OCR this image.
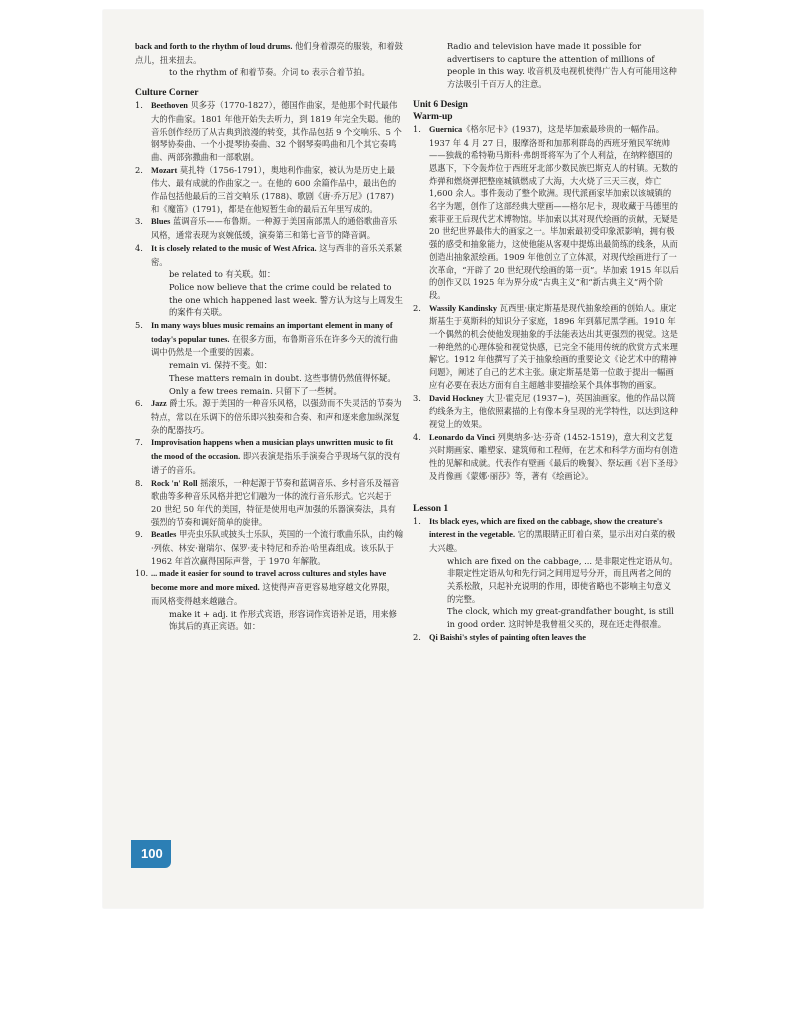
back and forth to the rhythm of loud drums. 他们身着漂亮的服装，和着鼓点儿，扭来扭去。

to the rhythm of 和着节奏。介词 to 表示合着节拍。

Culture Corner

1. Beethoven 贝多芬（1770-1827），德国作曲家，是他那个时代最伟大的作曲家。1801 年他开始失去听力，到 1819 年完全失聪。他的音乐创作经历了从古典到浪漫的转变，其作品包括 9 个交响乐、5 个钢琴协奏曲、一个小提琴协奏曲、32 个钢琴奏鸣曲和几个其它奏鸣曲、两部弥撒曲和一部歌剧。
2. Mozart 莫扎特（1756-1791），奥地利作曲家，被认为是历史上最伟大、最有成就的作曲家之一。在他的 600 余篇作品中，最出色的作品包括他最后的三首交响乐 (1788)、歌剧《唐·乔万尼》(1787) 和《魔笛》(1791)，都是在他短暂生命的最后五年里写成的。
3. Blues 蓝调音乐——布鲁斯。一种源于美国南部黑人的通俗歌曲音乐风格，通常表现为哀婉低缓，演奏第三和第七音节的降音调。
4. It is closely related to the music of West Africa. 这与西非的音乐关系紧密。

be related to 有关联。如：

Police now believe that the crime could be related to the one which happened last week. 警方认为这与上周发生的案件有关联。

5. In many ways blues music remains an important element in many of today's popular tunes. 在很多方面，布鲁斯音乐在许多今天的流行曲调中仍然是一个重要的因素。

remain vi. 保持不变。如：

These matters remain in doubt. 这些事情仍然值得怀疑。

Only a few trees remain. 只留下了一些树。

6. Jazz 爵士乐。源于美国的一种音乐风格，以强劲而不失灵活的节奏为特点，常以在乐调下的倍乐即兴独奏和合奏、和声和逐来愈加纵深复杂的配器技巧。
7. Improvisation happens when a musician plays unwritten music to fit the mood of the occasion. 即兴表演是指乐手演奏合乎现场气氛的没有谱子的音乐。
8. Rock 'n' Roll 摇滚乐，一种起源于节奏和蓝调音乐、乡村音乐及福音歌曲等多种音乐风格并把它们融为一体的流行音乐形式。它兴起于 20 世纪 50 年代的美国，特征是使用电声加强的乐器演奏法，具有强烈的节奏和调好简单的旋律。
9. Beatles 甲壳虫乐队或披头士乐队，英国的一个流行歌曲乐队，由约翰·列侬、林安·谢瑞尔、保罗·麦卡特尼和乔治·哈里森组成。该乐队于 1962 年首次赢得国际声誉，于 1970 年解散。
10. ... made it easier for sound to travel across cultures and styles have become more and more mixed. 这使得声音更容易地穿越文化界限，而风格变得越来越融合。

make it + adj. it 作形式宾语，形容词作宾语补足语，用来修饰其后的真正宾语。如：

Radio and television have made it possible for advertisers to capture the attention of millions of people in this way. 收音机及电视机使得广告人有可能用这种方法吸引千百万人的注意。

Unit 6 Design

Warm-up

1. Guernica《格尔尼卡》(1937)，这是毕加索最珍贵的一幅作品。1937 年 4 月 27 日，服摩洛哥和加那利群岛的西班牙殖民军统帅——独裁的希特勒马斯科·弗朗哥将军为了个人利益，在纳粹德国的恩惠下，下令轰炸位于西班牙北部少数民族巴斯克人的村镇。无数的炸弹和燃烧弹把整座城镇燃成了大海，大火烧了三天三夜，炸亡 1,600 余人。事件轰动了整个欧洲。现代派画家毕加索以该城镇的名字为题，创作了这部经典大壁画——格尔尼卡，现收藏于马德里的索菲亚王后现代艺术博物馆。毕加索以其对现代绘画的贡献，无疑是 20 世纪世界最伟大的画家之一。毕加索最初受印象派影响，拥有极强的感受和抽象能力，这使他能从客观中提炼出最简练的线条，从而创造出抽象派绘画。1909 年他创立了立体派，对现代绘画进行了一次革命，“开辟了 20 世纪现代绘画的第一页”。毕加索 1915 年以后的创作又以 1925 年为界分成“古典主义”和“新古典主义”两个阶段。
2. Wassily Kandinsky 瓦西里·康定斯基是现代抽象绘画的创始人。康定斯基生于莫斯科的知识分子家庭，1896 年到慕尼黑学画。1910 年一个偶然的机会使他发现抽象的手法能表达出其更强烈的视觉。这是一种绝然的心理体验和视觉快感，已完全不能用传统的欣赏方式来理解它。1912 年他撰写了关于抽象绘画的重要论文《论艺术中的精神问题》，阐述了自己的艺术主张。康定斯基是第一位敢于提出一幅画应有必要在表达方面有自主超越非要描绘某个具体事物的画家。
3. David Hockney 大卫·霍克尼 (1937~)，英国油画家。他的作品以简约线条为主，他依照素描的上有像本身呈现的光学特性，以达到这种视觉上的效果。
4. Leonardo da Vinci 列奥纳多·达·芬奇 (1452-1519)，意大利文艺复兴时期画家、雕塑家、建筑师和工程师，在艺术和科学方面均有创造性的见解和成就。代表作有壁画《最后的晚餐》、祭坛画《岩下圣母》及肖像画《蒙娜·丽莎》等，著有《绘画论》。

Lesson 1

1. Its black eyes, which are fixed on the cabbage, show the creature's interest in the vegetable. 它的黑眼睛正盯着白菜，显示出对白菜的极大兴趣。

which are fixed on the cabbage, ... 是非限定性定语从句。非限定性定语从句和先行词之间用逗号分开，而且两者之间的关系松散，只起补充说明的作用，即使省略也不影响主句意义的完整。

The clock, which my great-grandfather bought, is still in good order. 这时钟是我曾祖父买的，现在还走得很准。

2. Qi Baishi's styles of painting often leaves the
100
